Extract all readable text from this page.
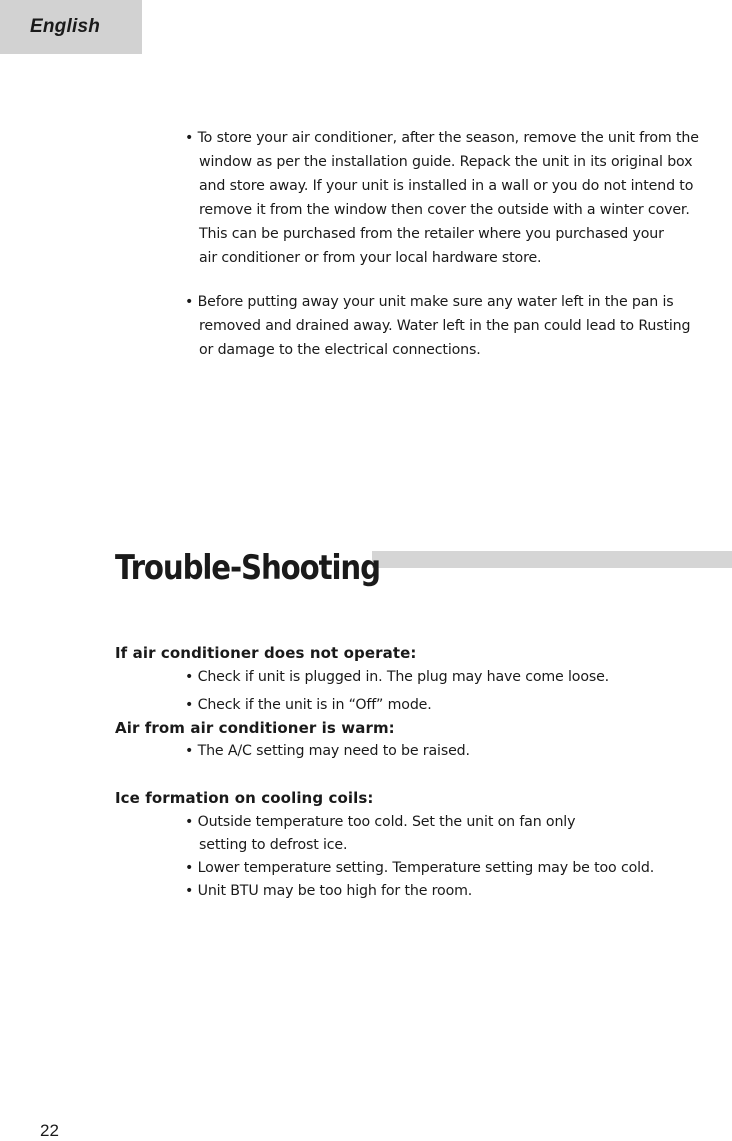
English
• To store your air conditioner, after the season, remove the unit from the
window as per the installation guide. Repack the unit in its original box
and store away. If your unit is installed in a wall or you do not intend to
remove it from the window then cover the outside with a winter cover.
This can be purchased from the retailer where you purchased your
air conditioner or from your local hardware store.
• Before putting away your unit make sure any water left in the pan is
removed and drained away. Water left in the pan could lead to Rusting
or damage to the electrical connections.
Trouble-Shooting
If air conditioner does not operate:
• Check if unit is plugged in. The plug may have come loose.
• Check if the unit is in “Off” mode.
Air from air conditioner is warm:
• The A/C setting may need to be raised.
Ice formation on cooling coils:
• Outside temperature too cold. Set the unit on fan only
setting to defrost ice.
• Lower temperature setting. Temperature setting may be too cold.
• Unit BTU may be too high for the room.
22
